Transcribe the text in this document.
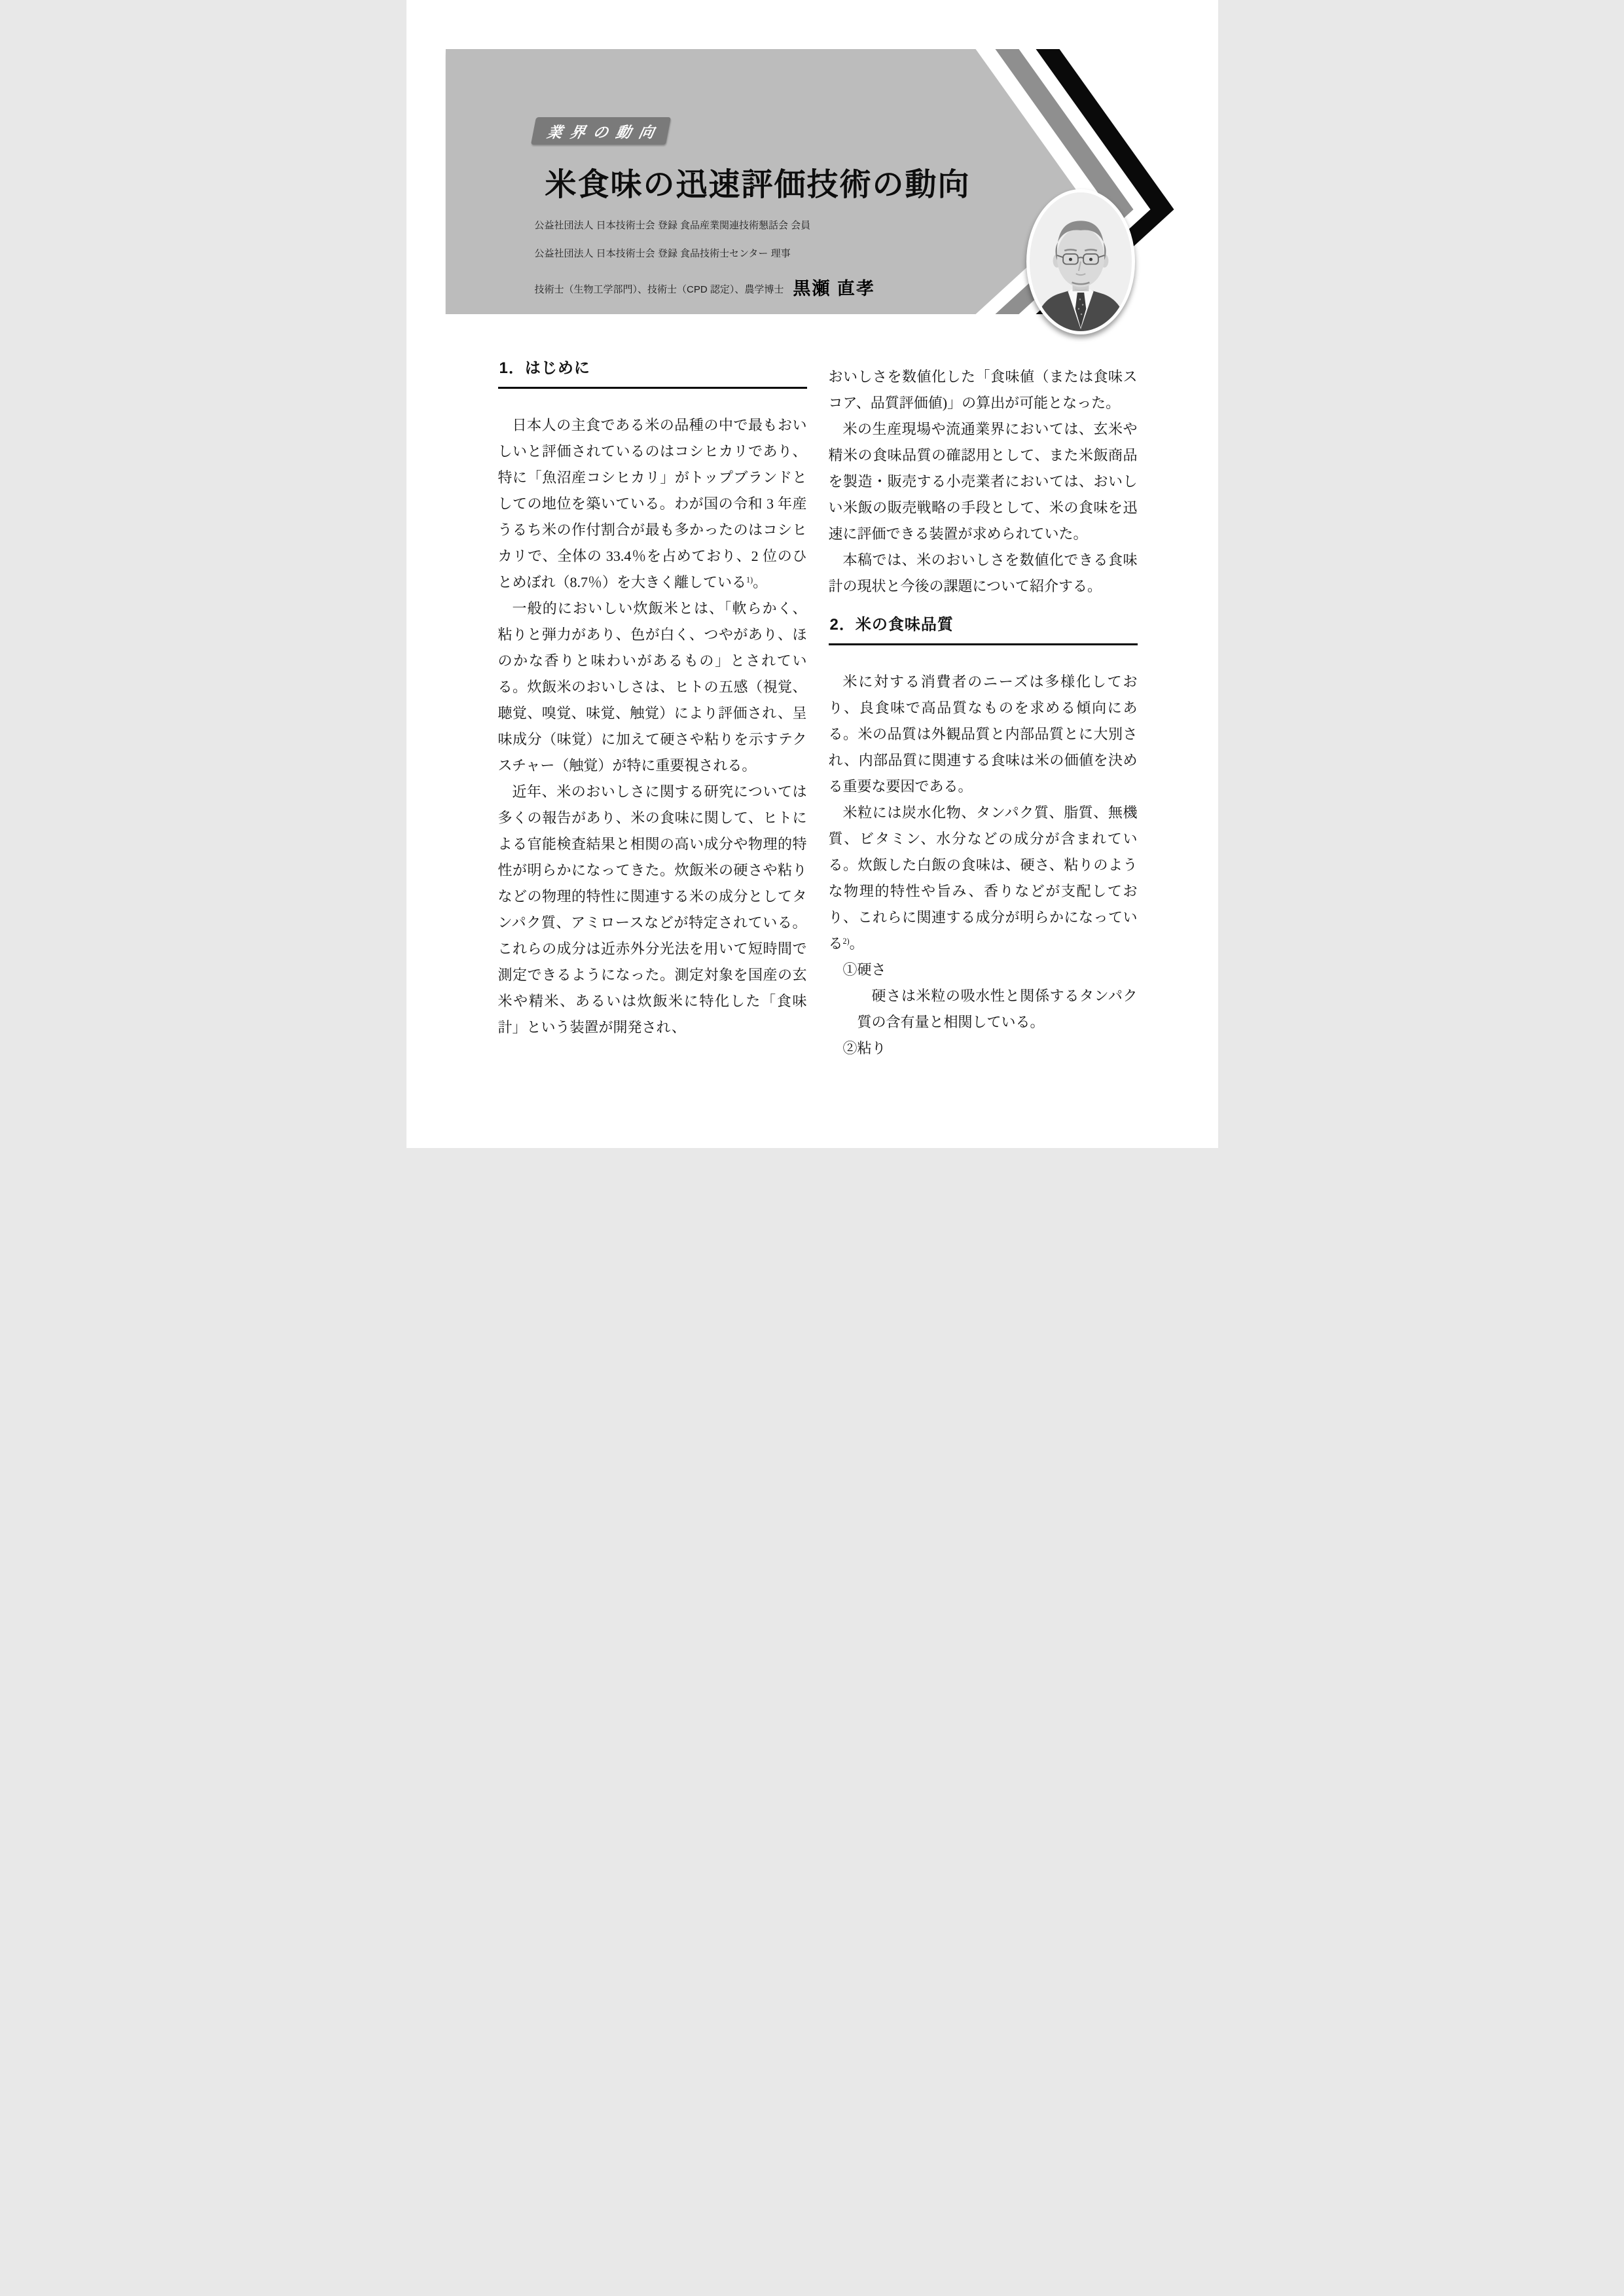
業界の動向
米食味の迅速評価技術の動向

公益社団法人 日本技術士会 登録 食品産業関連技術懇話会 会員

公益社団法人 日本技術士会 登録 食品技術士センター 理事

技術士（生物工学部門）、技術士（CPD 認定）、農学博士 黒瀬 直孝

1．はじめに

日本人の主食である米の品種の中で最もおいしいと評価されているのはコシヒカリであり、特に「魚沼産コシヒカリ」がトップブランドとしての地位を築いている。わが国の令和 3 年産うるち米の作付割合が最も多かったのはコシヒカリで、全体の 33.4％を占めており、2 位のひとめぼれ（8.7％）を大きく離している$^{1)}$。

一般的においしい炊飯米とは、「軟らかく、粘りと弾力があり、色が白く、つやがあり、ほのかな香りと味わいがあるもの」とされている。炊飯米のおいしさは、ヒトの五感（視覚、聴覚、嗅覚、味覚、触覚）により評価され、呈味成分（味覚）に加えて硬さや粘りを示すテクスチャー（触覚）が特に重要視される。

近年、米のおいしさに関する研究については多くの報告があり、米の食味に関して、ヒトによる官能検査結果と相関の高い成分や物理的特性が明らかになってきた。炊飯米の硬さや粘りなどの物理的特性に関連する米の成分としてタンパク質、アミロースなどが特定されている。これらの成分は近赤外分光法を用いて短時間で測定できるようになった。測定対象を国産の玄米や精米、あるいは炊飯米に特化した「食味計」という装置が開発され、

おいしさを数値化した「食味値（または食味スコア、品質評価値)」の算出が可能となった。

米の生産現場や流通業界においては、玄米や精米の食味品質の確認用として、また米飯商品を製造・販売する小売業者においては、おいしい米飯の販売戦略の手段として、米の食味を迅速に評価できる装置が求められていた。

本稿では、米のおいしさを数値化できる食味計の現状と今後の課題について紹介する。

2．米の食味品質

米に対する消費者のニーズは多様化しており、良食味で高品質なものを求める傾向にある。米の品質は外観品質と内部品質とに大別され、内部品質に関連する食味は米の価値を決める重要な要因である。

米粒には炭水化物、タンパク質、脂質、無機質、ビタミン、水分などの成分が含まれている。炊飯した白飯の食味は、硬さ、粘りのような物理的特性や旨み、香りなどが支配しており、これらに関連する成分が明らかになっている$^{2)}$。

①硬さ

硬さは米粒の吸水性と関係するタンパク質の含有量と相関している。

②粘り
